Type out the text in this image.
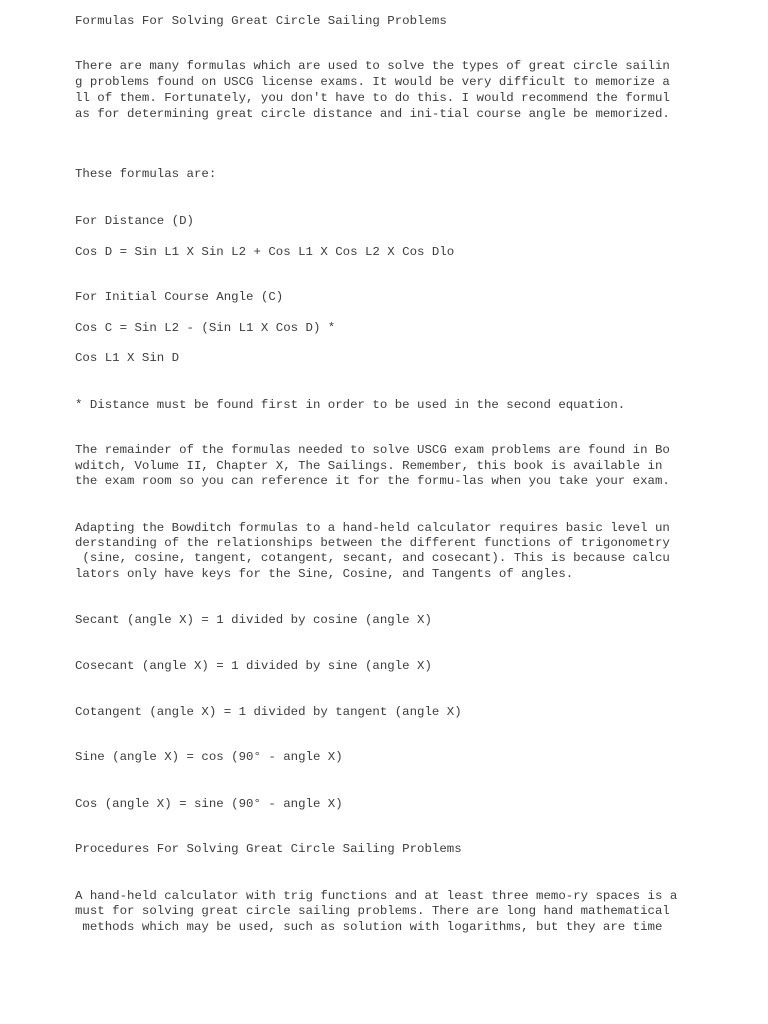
Formulas For Solving Great Circle Sailing Problems

There are many formulas which are used to solve the types of great circle sailin

g problems found on USCG license exams. It would be very difficult to memorize a

ll of them. Fortunately, you don't have to do this. I would recommend the formul

as for determining great circle distance and ini-tial course angle be memorized.

These formulas are:

For Distance (D)

Cos D = Sin L1 X Sin L2 + Cos L1 X Cos L2 X Cos Dlo

For Initial Course Angle (C)

Cos C = Sin L2 - (Sin L1 X Cos D) *

Cos L1 X Sin D

* Distance must be found first in order to be used in the second equation.

The remainder of the formulas needed to solve USCG exam problems are found in Bo

wditch, Volume II, Chapter X, The Sailings. Remember, this book is available in

the exam room so you can reference it for the formu-las when you take your exam.

Adapting the Bowditch formulas to a hand-held calculator requires basic level un

derstanding of the relationships between the different functions of trigonometry

(sine, cosine, tangent, cotangent, secant, and cosecant). This is because calcu

lators only have keys for the Sine, Cosine, and Tangents of angles.

Secant (angle X) = 1 divided by cosine (angle X)

Cosecant (angle X) = 1 divided by sine (angle X)

Cotangent (angle X) = 1 divided by tangent (angle X)

Sine (angle X) = cos (90° - angle X)

Cos (angle X) = sine (90° - angle X)

Procedures For Solving Great Circle Sailing Problems

A hand-held calculator with trig functions and at least three memo-ry spaces is a

must for solving great circle sailing problems. There are long hand mathematical

methods which may be used, such as solution with logarithms, but they are time
